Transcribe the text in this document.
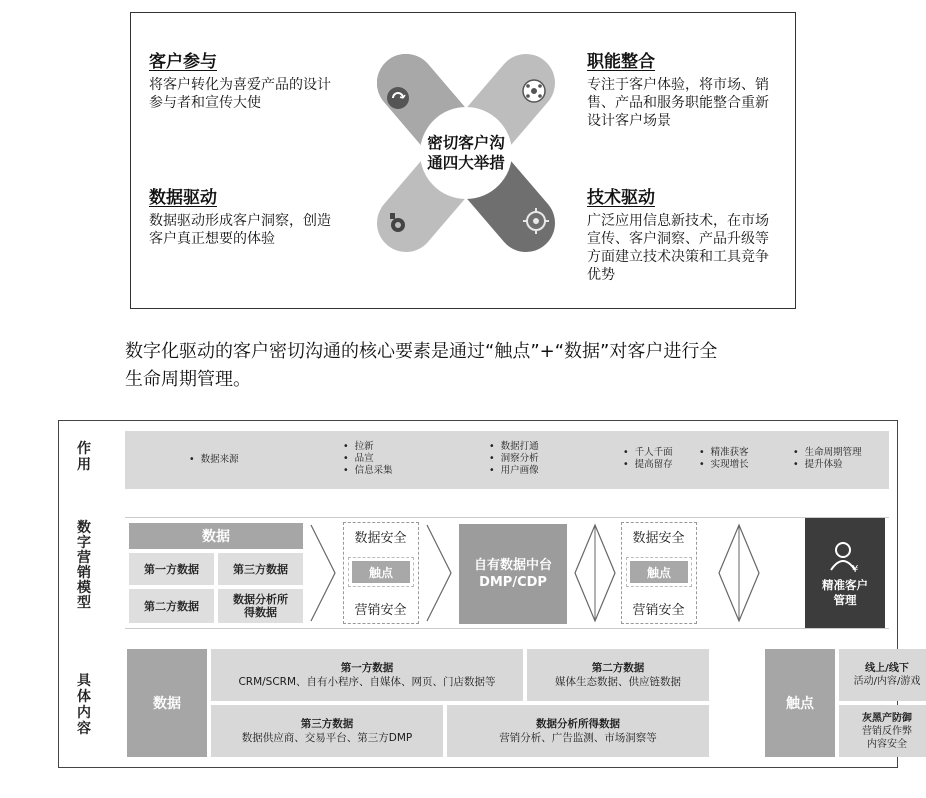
密切客户沟
通四大举措
客户参与
将客户转化为喜爱产品的设计
参与者和宣传大使
职能整合
专注于客户体验，将市场、销
售、产品和服务职能整合重新
设计客户场景
数据驱动
数据驱动形成客户洞察，创造
客户真正想要的体验
技术驱动
广泛应用信息新技术，在市场
宣传、客户洞察、产品升级等
方面建立技术决策和工具竞争
优势
数字化驱动的客户密切沟通的核心要素是通过“触点”+“数据”对客户进行全
生命周期管理。
作用
•	数据来源
• 拉新
• 品宣
• 信息采集
• 数据打通
• 洞察分析
• 用户画像
• 千人千面
• 提高留存
• 精准获客
• 实现增长
• 生命周期管理
• 提升体验
数字营销模型
数据
第一方数据	第三方数据
第二方数据
数据分析所得数据
数据安全
触点
营销安全
自有数据中台
DMP/CDP
数据安全
触点
营销安全
¥
精准客户
管理
具体内容
数据
第一方数据
CRM/SCRM、自有小程序、自媒体、网页、门店数据等
第二方数据
媒体生态数据、供应链数据
第三方数据
数据供应商、交易平台、第三方DMP
数据分析所得数据
营销分析、广告监测、市场洞察等
触点
线上/线下
活动/内容/游戏
灰黑产防御
营销反作弊
内容安全
